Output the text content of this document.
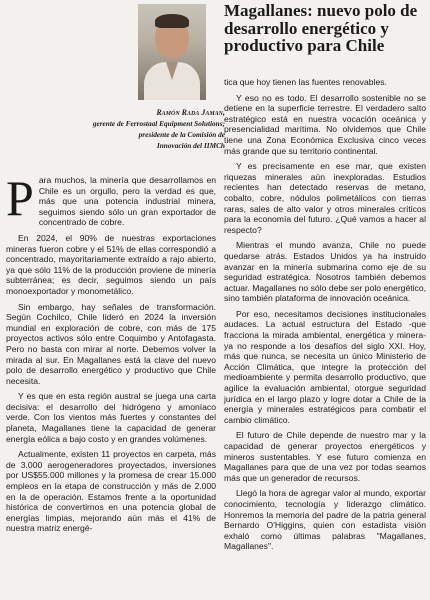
Ramón Rada Jaman,
gerente de Ferrostaal Equipment Solutions;
presidente de la Comisión de
Innovación del IIMCh
Magallanes: nuevo polo de desarrollo energético y productivo para Chile

Para muchos, la minería que desarrollamos en Chile es un orgullo, pero la verdad es que, más que una potencia industrial minera, seguimos siendo sólo un gran exportador de concentrado de cobre.

En 2024, el 90% de nuestras exportaciones mineras fueron cobre y el 51% de ellas correspondió a concentrado, mayoritariamente extraído a rajo abierto, ya que sólo 11% de la producción proviene de minería subterránea; es decir, seguimos siendo un país monoexportador y monometálico.

Sin embargo, hay señales de transformación. Según Cochilco, Chile lideró en 2024 la inversión mundial en exploración de cobre, con más de 175 proyectos activos sólo entre Coquimbo y Antofagasta. Pero no basta con mirar al norte. Debemos volver la mirada al sur. En Magallanes está la clave del nuevo polo de desarrollo energético y productivo que Chile necesita.

Y es que en esta región austral se juega una carta decisiva: el desarrollo del hidrógeno y amoníaco verde. Con los vientos más fuertes y constantes del planeta, Magallanes tiene la capacidad de generar energía eólica a bajo costo y en grandes volúmenes.

Actualmente, existen 11 proyectos en carpeta, más de 3.000 aerogeneradores proyectados, inversiones por US$55.000 millones y la promesa de crear 15.000 empleos en la etapa de construcción y más de 2.000 en la de operación. Estamos frente a la oportunidad histórica de convertirnos en una potencia global de energías limpias, mejorando aún más el 41% de nuestra matriz energé-

tica que hoy tienen las fuentes renovables.

Y eso no es todo. El desarrollo sostenible no se detiene en la superficie terrestre. El verdadero salto estratégico está en nuestra vocación oceánica y presencialidad marítima. No olvidemos que Chile tiene una Zona Económica Exclusiva cinco veces más grande que su territorio continental.

Y es precisamente en ese mar, que existen riquezas minerales aún inexploradas. Estudios recientes han detectado reservas de metano, cobalto, cobre, nódulos polimetálicos con tierras raras, sales de alto valor y otros minerales críticos para la economía del futuro. ¿Qué vamos a hacer al respecto?

Mientras el mundo avanza, Chile no puede quedarse atrás. Estados Unidos ya ha instruido avanzar en la minería submarina como eje de su seguridad estratégica. Nosotros también debemos actuar. Magallanes no sólo debe ser polo energético, sino también plataforma de innovación oceánica.

Por eso, necesitamos decisiones institucionales audaces. La actual estructura del Estado -que fracciona la mirada ambiental, energética y minera- ya no responde a los desafíos del siglo XXI. Hoy, más que nunca, se necesita un único Ministerio de Acción Climática, que integre la protección del medioambiente y permita desarrollo productivo, que agilice la evaluación ambiental, otorgue seguridad jurídica en el largo plazo y logre dotar a Chile de la energía y minerales estratégicos para combatir el cambio climático.

El futuro de Chile depende de nuestro mar y la capacidad de generar proyectos energéticos y mineros sustentables. Y ese futuro comienza en Magallanes para que de una vez por todas seamos más que un generador de recursos.

Llegó la hora de agregar valor al mundo, exportar conocimiento, tecnología y liderazgo climático. Honremos la memoria del padre de la patria general Bernardo O'Higgins, quien con estadista visión exhaló como últimas palabras "Magallanes, Magallanes".
